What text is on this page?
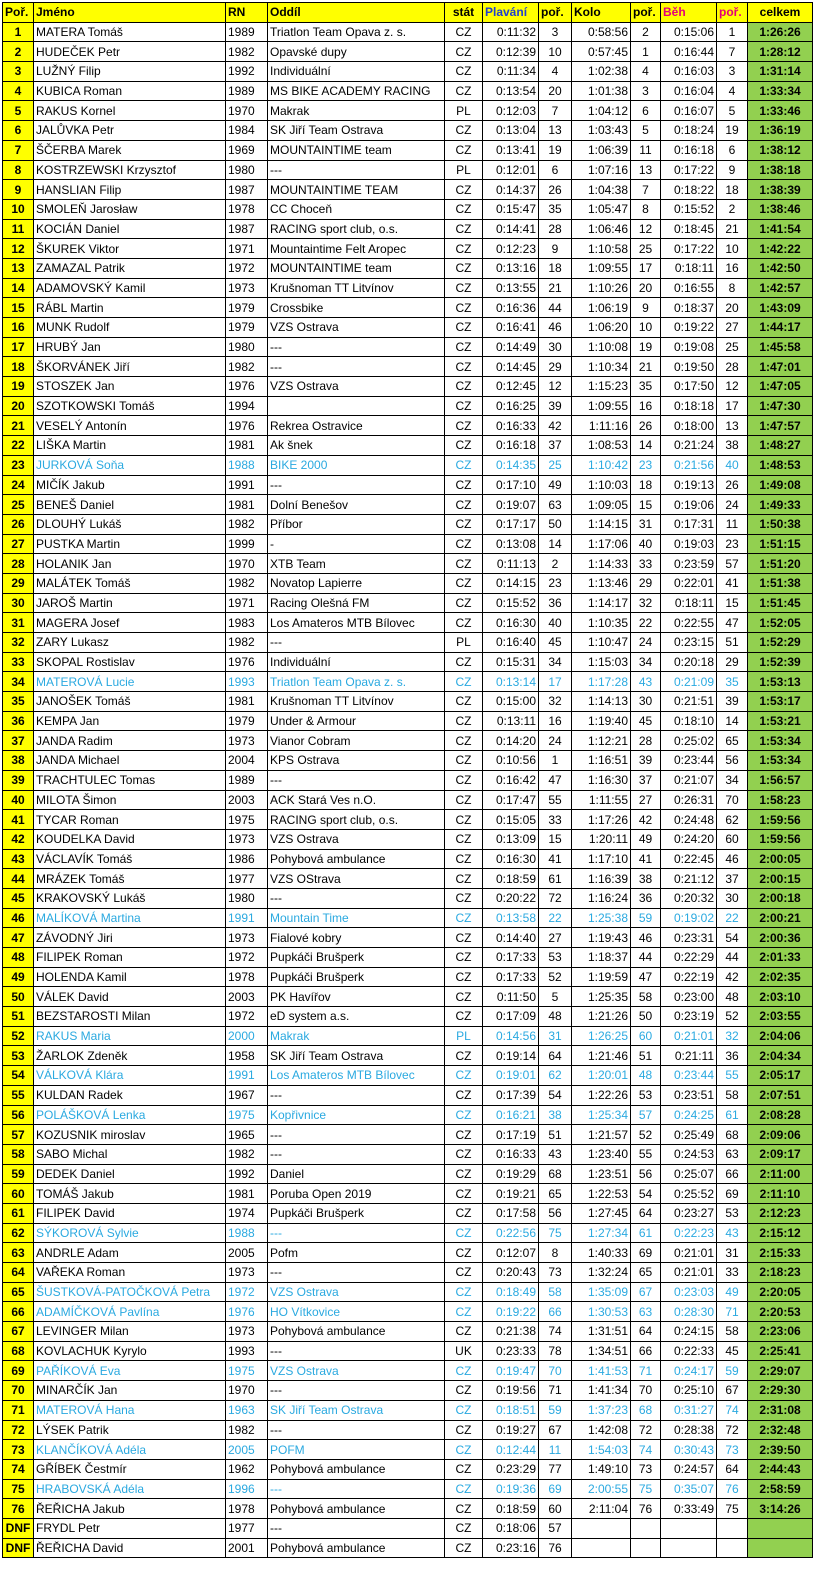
Poř.	Jméno	RN	Oddíl	stát	Plavání	poř.	Kolo	poř.	Běh	poř.	celkem
1	MATERA Tomáš	1989	Triatlon Team Opava z. s.	CZ	0:11:32	3	0:58:56	2	0:15:06	1	1:26:26
2	HUDEČEK Petr	1982	Opavské dupy	CZ	0:12:39	10	0:57:45	1	0:16:44	7	1:28:12
3	LUŽNÝ Filip	1992	Individuální	CZ	0:11:34	4	1:02:38	4	0:16:03	3	1:31:14
4	KUBICA Roman	1989	MS BIKE ACADEMY RACING	CZ	0:13:54	20	1:01:38	3	0:16:04	4	1:33:34
5	RAKUS Kornel	1970	Makrak	PL	0:12:03	7	1:04:12	6	0:16:07	5	1:33:46
6	JALŮVKA Petr	1984	SK Jiří Team Ostrava	CZ	0:13:04	13	1:03:43	5	0:18:24	19	1:36:19
7	ŠČERBA Marek	1969	MOUNTAINTIME team	CZ	0:13:41	19	1:06:39	11	0:16:18	6	1:38:12
8	KOSTRZEWSKI Krzysztof	1980	---	PL	0:12:01	6	1:07:16	13	0:17:22	9	1:38:18
9	HANSLIAN Filip	1987	MOUNTAINTIME TEAM	CZ	0:14:37	26	1:04:38	7	0:18:22	18	1:38:39
10	SMOLEŇ Jarosław	1978	CC Choceň	CZ	0:15:47	35	1:05:47	8	0:15:52	2	1:38:46
11	KOCIÁN Daniel	1987	RACING sport club, o.s.	CZ	0:14:41	28	1:06:46	12	0:18:45	21	1:41:54
12	ŠKUREK Viktor	1971	Mountaintime Felt Aropec	CZ	0:12:23	9	1:10:58	25	0:17:22	10	1:42:22
13	ZAMAZAL Patrik	1972	MOUNTAINTIME team	CZ	0:13:16	18	1:09:55	17	0:18:11	16	1:42:50
14	ADAMOVSKÝ Kamil	1973	Krušnoman TT Litvínov	CZ	0:13:55	21	1:10:26	20	0:16:55	8	1:42:57
15	RÁBL Martin	1979	Crossbike	CZ	0:16:36	44	1:06:19	9	0:18:37	20	1:43:09
16	MUNK Rudolf	1979	VZS Ostrava	CZ	0:16:41	46	1:06:20	10	0:19:22	27	1:44:17
17	HRUBÝ Jan	1980	---	CZ	0:14:49	30	1:10:08	19	0:19:08	25	1:45:58
18	ŠKORVÁNEK Jiří	1982	---	CZ	0:14:45	29	1:10:34	21	0:19:50	28	1:47:01
19	STOSZEK Jan	1976	VZS Ostrava	CZ	0:12:45	12	1:15:23	35	0:17:50	12	1:47:05
20	SZOTKOWSKI Tomáš	1994		CZ	0:16:25	39	1:09:55	16	0:18:18	17	1:47:30
21	VESELÝ Antonín	1976	Rekrea Ostravice	CZ	0:16:33	42	1:11:16	26	0:18:00	13	1:47:57
22	LIŠKA Martin	1981	Ak šnek	CZ	0:16:18	37	1:08:53	14	0:21:24	38	1:48:27
23	JURKOVÁ Soňa	1988	BIKE 2000	CZ	0:14:35	25	1:10:42	23	0:21:56	40	1:48:53
24	MIČÍK Jakub	1991	---	CZ	0:17:10	49	1:10:03	18	0:19:13	26	1:49:08
25	BENEŠ Daniel	1981	Dolní Benešov	CZ	0:19:07	63	1:09:05	15	0:19:06	24	1:49:33
26	DLOUHÝ Lukáš	1982	Příbor	CZ	0:17:17	50	1:14:15	31	0:17:31	11	1:50:38
27	PUSTKA Martin	1999	-	CZ	0:13:08	14	1:17:06	40	0:19:03	23	1:51:15
28	HOLANIK Jan	1970	XTB Team	CZ	0:11:13	2	1:14:33	33	0:23:59	57	1:51:20
29	MALÁTEK Tomáš	1982	Novatop Lapierre	CZ	0:14:15	23	1:13:46	29	0:22:01	41	1:51:38
30	JAROŠ Martin	1971	Racing Olešná FM	CZ	0:15:52	36	1:14:17	32	0:18:11	15	1:51:45
31	MAGERA Josef	1983	Los Amateros MTB Bílovec	CZ	0:16:30	40	1:10:35	22	0:22:55	47	1:52:05
32	ZARY Lukasz	1982	---	PL	0:16:40	45	1:10:47	24	0:23:15	51	1:52:29
33	SKOPAL Rostislav	1976	Individuální	CZ	0:15:31	34	1:15:03	34	0:20:18	29	1:52:39
34	MATEROVÁ Lucie	1993	Triatlon Team Opava z. s.	CZ	0:13:14	17	1:17:28	43	0:21:09	35	1:53:13
35	JANOŠEK Tomáš	1981	Krušnoman TT Litvínov	CZ	0:15:00	32	1:14:13	30	0:21:51	39	1:53:17
36	KEMPA Jan	1979	Under & Armour	CZ	0:13:11	16	1:19:40	45	0:18:10	14	1:53:21
37	JANDA Radim	1973	Vianor Cobram	CZ	0:14:20	24	1:12:21	28	0:25:02	65	1:53:34
38	JANDA Michael	2004	KPS Ostrava	CZ	0:10:56	1	1:16:51	39	0:23:44	56	1:53:34
39	TRACHTULEC Tomas	1989	---	CZ	0:16:42	47	1:16:30	37	0:21:07	34	1:56:57
40	MILOTA Šimon	2003	ACK Stará Ves n.O.	CZ	0:17:47	55	1:11:55	27	0:26:31	70	1:58:23
41	TYCAR Roman	1975	RACING sport club, o.s.	CZ	0:15:05	33	1:17:26	42	0:24:48	62	1:59:56
42	KOUDELKA David	1973	VZS Ostrava	CZ	0:13:09	15	1:20:11	49	0:24:20	60	1:59:56
43	VÁCLAVÍK Tomáš	1986	Pohybová ambulance	CZ	0:16:30	41	1:17:10	41	0:22:45	46	2:00:05
44	MRÁZEK Tomáš	1977	VZS OStrava	CZ	0:18:59	61	1:16:39	38	0:21:12	37	2:00:15
45	KRAKOVSKÝ Lukáš	1980	---	CZ	0:20:22	72	1:16:24	36	0:20:32	30	2:00:18
46	MALÍKOVÁ Martina	1991	Mountain Time	CZ	0:13:58	22	1:25:38	59	0:19:02	22	2:00:21
47	ZÁVODNÝ Jiri	1973	Fialové kobry	CZ	0:14:40	27	1:19:43	46	0:23:31	54	2:00:36
48	FILIPEK Roman	1972	Pupkáči Brušperk	CZ	0:17:33	53	1:18:37	44	0:22:29	44	2:01:33
49	HOLENDA Kamil	1978	Pupkáči Brušperk	CZ	0:17:33	52	1:19:59	47	0:22:19	42	2:02:35
50	VÁLEK David	2003	PK Havířov	CZ	0:11:50	5	1:25:35	58	0:23:00	48	2:03:10
51	BEZSTAROSTI Milan	1972	eD system a.s.	CZ	0:17:09	48	1:21:26	50	0:23:19	52	2:03:55
52	RAKUS Maria	2000	Makrak	PL	0:14:56	31	1:26:25	60	0:21:01	32	2:04:06
53	ŽARLOK Zdeněk	1958	SK Jiří Team Ostrava	CZ	0:19:14	64	1:21:46	51	0:21:11	36	2:04:34
54	VÁLKOVÁ Klára	1991	Los Amateros MTB Bílovec	CZ	0:19:01	62	1:20:01	48	0:23:44	55	2:05:17
55	KULDAN Radek	1967	---	CZ	0:17:39	54	1:22:26	53	0:23:51	58	2:07:51
56	POLÁŠKOVÁ Lenka	1975	Kopřivnice	CZ	0:16:21	38	1:25:34	57	0:24:25	61	2:08:28
57	KOZUSNIK miroslav	1965	---	CZ	0:17:19	51	1:21:57	52	0:25:49	68	2:09:06
58	SABO Michal	1982	---	CZ	0:16:33	43	1:23:40	55	0:24:53	63	2:09:17
59	DEDEK Daniel	1992	Daniel	CZ	0:19:29	68	1:23:51	56	0:25:07	66	2:11:00
60	TOMÁŠ Jakub	1981	Poruba Open 2019	CZ	0:19:21	65	1:22:53	54	0:25:52	69	2:11:10
61	FILIPEK David	1974	Pupkáči Brušperk	CZ	0:17:58	56	1:27:45	64	0:23:27	53	2:12:23
62	SÝKOROVÁ Sylvie	1988	---	CZ	0:22:56	75	1:27:34	61	0:22:23	43	2:15:12
63	ANDRLE Adam	2005	Pofm	CZ	0:12:07	8	1:40:33	69	0:21:01	31	2:15:33
64	VAŘEKA Roman	1973	---	CZ	0:20:43	73	1:32:24	65	0:21:01	33	2:18:23
65	ŠUSTKOVÁ-PATOČKOVÁ Petra	1972	VZS Ostrava	CZ	0:18:49	58	1:35:09	67	0:23:03	49	2:20:05
66	ADAMÍČKOVÁ Pavlína	1976	HO Vítkovice	CZ	0:19:22	66	1:30:53	63	0:28:30	71	2:20:53
67	LEVINGER Milan	1973	Pohybová ambulance	CZ	0:21:38	74	1:31:51	64	0:24:15	58	2:23:06
68	KOVLACHUK Kyrylo	1993	---	UK	0:23:33	78	1:34:51	66	0:22:33	45	2:25:41
69	PAŘÍKOVÁ Eva	1975	VZS Ostrava	CZ	0:19:47	70	1:41:53	71	0:24:17	59	2:29:07
70	MINARČÍK Jan	1970	---	CZ	0:19:56	71	1:41:34	70	0:25:10	67	2:29:30
71	MATEROVÁ Hana	1963	SK Jiří Team Ostrava	CZ	0:18:51	59	1:37:23	68	0:31:27	74	2:31:08
72	LÝSEK Patrik	1982	---	CZ	0:19:27	67	1:42:08	72	0:28:38	72	2:32:48
73	KLANČÍKOVÁ Adéla	2005	POFM	CZ	0:12:44	11	1:54:03	74	0:30:43	73	2:39:50
74	GŘÍBEK Čestmír	1962	Pohybová ambulance	CZ	0:23:29	77	1:49:10	73	0:24:57	64	2:44:43
75	HRABOVSKÁ Adéla	1996	---	CZ	0:19:36	69	2:00:55	75	0:35:07	76	2:58:59
76	ŘEŘICHA Jakub	1978	Pohybová ambulance	CZ	0:18:59	60	2:11:04	76	0:33:49	75	3:14:26
DNF	FRYDL Petr	1977	---	CZ	0:18:06	57					
DNF	ŘEŘICHA David	2001	Pohybová ambulance	CZ	0:23:16	76					
